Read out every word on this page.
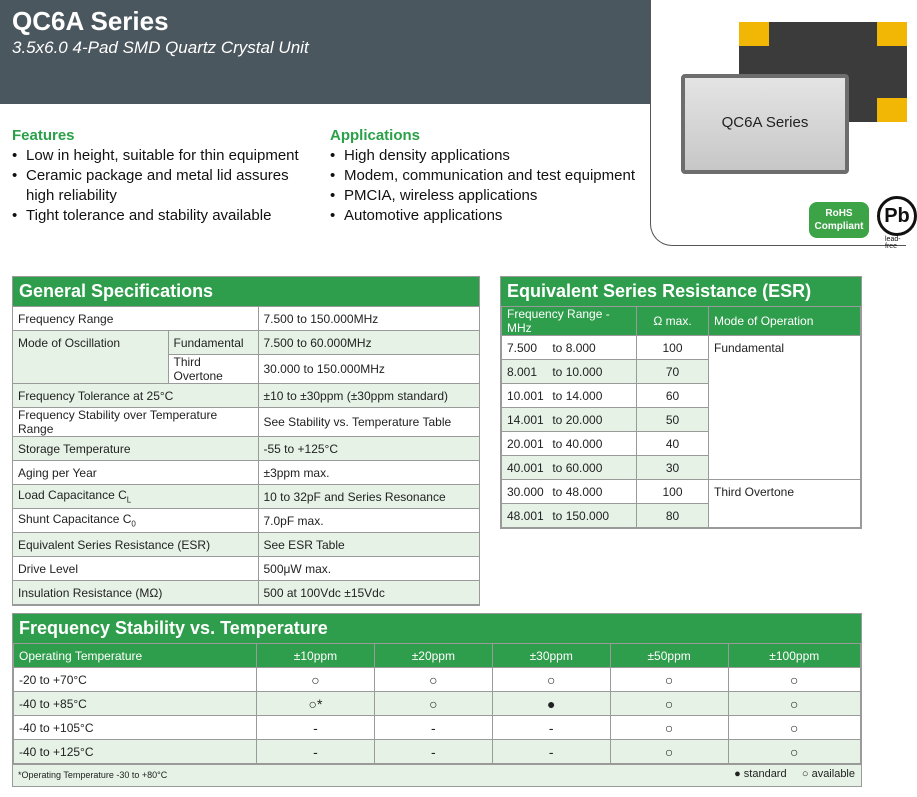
QC6A Series
3.5x6.0 4-Pad SMD Quartz Crystal Unit
QC6A Series
RoHS
Compliant	Pb
lead-free
Features
• Low in height, suitable for thin equipment
• Ceramic package and metal lid assures high reliability
• Tight tolerance and stability available
Applications
• High density applications
• Modem, communication and test equipment
• PMCIA, wireless applications
• Automotive applications
General Specifications
Frequency Range		7.500 to 150.000MHz
Mode of Oscillation	Fundamental	7.500 to 60.000MHz
	Third Overtone	30.000 to 150.000MHz
Frequency Tolerance at 25°C		±10 to ±30ppm (±30ppm standard)
Frequency Stability over Temperature Range		See Stability vs. Temperature Table
Storage Temperature		-55 to +125°C
Aging per Year		±3ppm max.
Load Capacitance $C_L$		10 to 32pF and Series Resonance
Shunt Capacitance $C_0$		7.0pF max.
Equivalent Series Resistance (ESR)		See ESR Table
Drive Level		500μW max.
Insulation Resistance (MΩ)		500 at 100Vdc ±15Vdc
Equivalent Series Resistance (ESR)
Frequency Range - MHz	Ω max.	Mode of Operation
7.500 to 8.000	100	Fundamental
8.001 to 10.000	70	
10.001 to 14.000	60	
14.001 to 20.000	50	
20.001 to 40.000	40	
40.001 to 60.000	30	
30.000 to 48.000	100	Third Overtone
48.001 to 150.000	80	
Frequency Stability vs. Temperature
Operating Temperature	±10ppm	±20ppm	±30ppm	±50ppm	±100ppm
-20 to +70°C	○	○	○	○	○
-40 to +85°C	○*	○	●	○	○
-40 to +105°C	-	-	-	○	○
-40 to +125°C	-	-	-	○	○
*Operating Temperature -30 to +80°C	● standard ○ available
